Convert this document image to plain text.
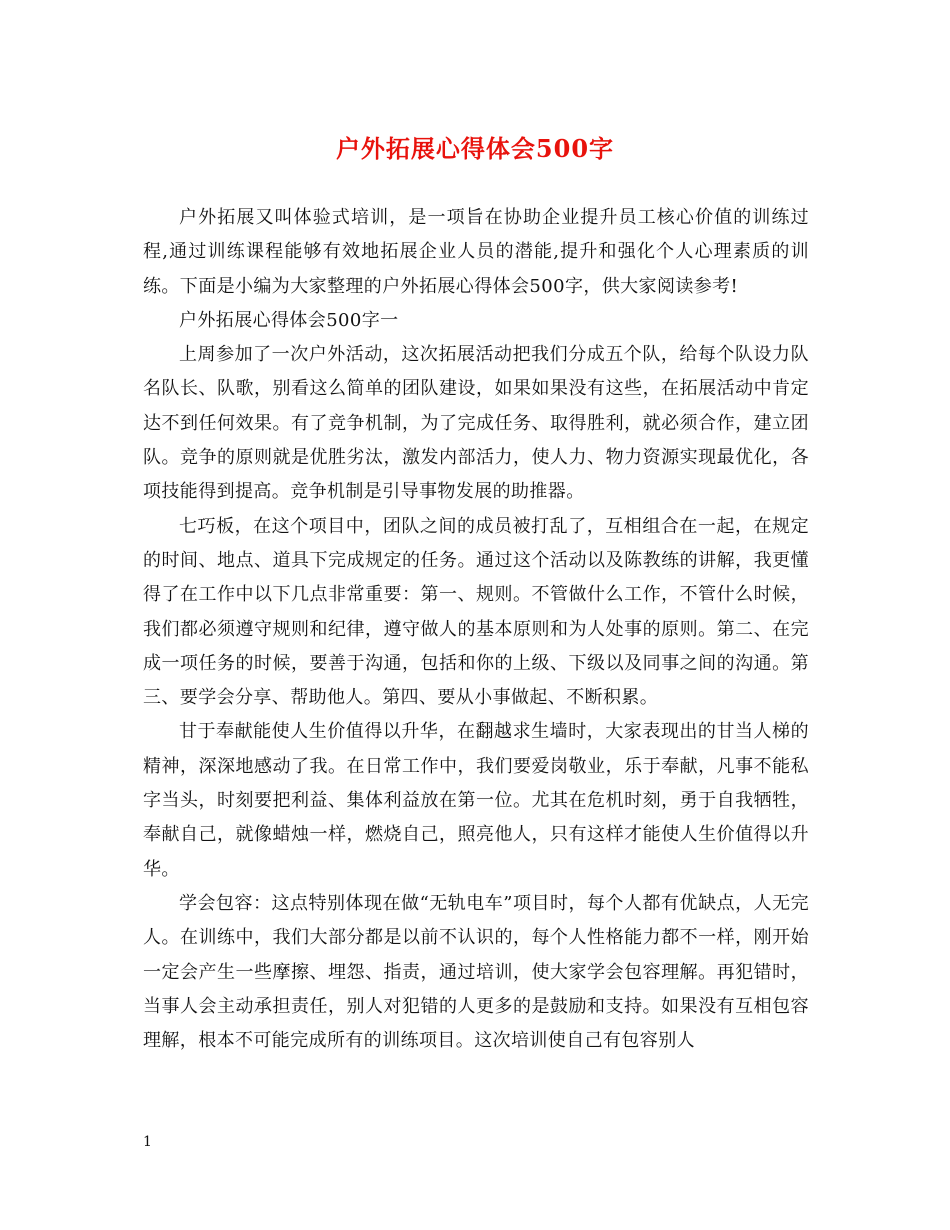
户外拓展心得体会500字

户外拓展又叫体验式培训，是一项旨在协助企业提升员工核心价值的训练过程,通过训练课程能够有效地拓展企业人员的潜能,提升和强化个人心理素质的训练。下面是小编为大家整理的户外拓展心得体会500字，供大家阅读参考!

户外拓展心得体会500字一

上周参加了一次户外活动，这次拓展活动把我们分成五个队，给每个队设力队名队长、队歌，别看这么简单的团队建设，如果如果没有这些，在拓展活动中肯定达不到任何效果。有了竞争机制，为了完成任务、取得胜利，就必须合作，建立团队。竞争的原则就是优胜劣汰，激发内部活力，使人力、物力资源实现最优化，各项技能得到提高。竞争机制是引导事物发展的助推器。

七巧板，在这个项目中，团队之间的成员被打乱了，互相组合在一起，在规定的时间、地点、道具下完成规定的任务。通过这个活动以及陈教练的讲解，我更懂得了在工作中以下几点非常重要：第一、规则。不管做什么工作，不管什么时候，我们都必须遵守规则和纪律，遵守做人的基本原则和为人处事的原则。第二、在完成一项任务的时候，要善于沟通，包括和你的上级、下级以及同事之间的沟通。第三、要学会分享、帮助他人。第四、要从小事做起、不断积累。

甘于奉献能使人生价值得以升华，在翻越求生墙时，大家表现出的甘当人梯的精神，深深地感动了我。在日常工作中，我们要爱岗敬业，乐于奉献，凡事不能私字当头，时刻要把利益、集体利益放在第一位。尤其在危机时刻，勇于自我牺牲，奉献自己，就像蜡烛一样，燃烧自己，照亮他人，只有这样才能使人生价值得以升华。

学会包容：这点特别体现在做“无轨电车”项目时，每个人都有优缺点，人无完人。在训练中，我们大部分都是以前不认识的，每个人性格能力都不一样，刚开始一定会产生一些摩擦、埋怨、指责，通过培训，使大家学会包容理解。再犯错时，当事人会主动承担责任，别人对犯错的人更多的是鼓励和支持。如果没有互相包容理解，根本不可能完成所有的训练项目。这次培训使自己有包容别人

1
